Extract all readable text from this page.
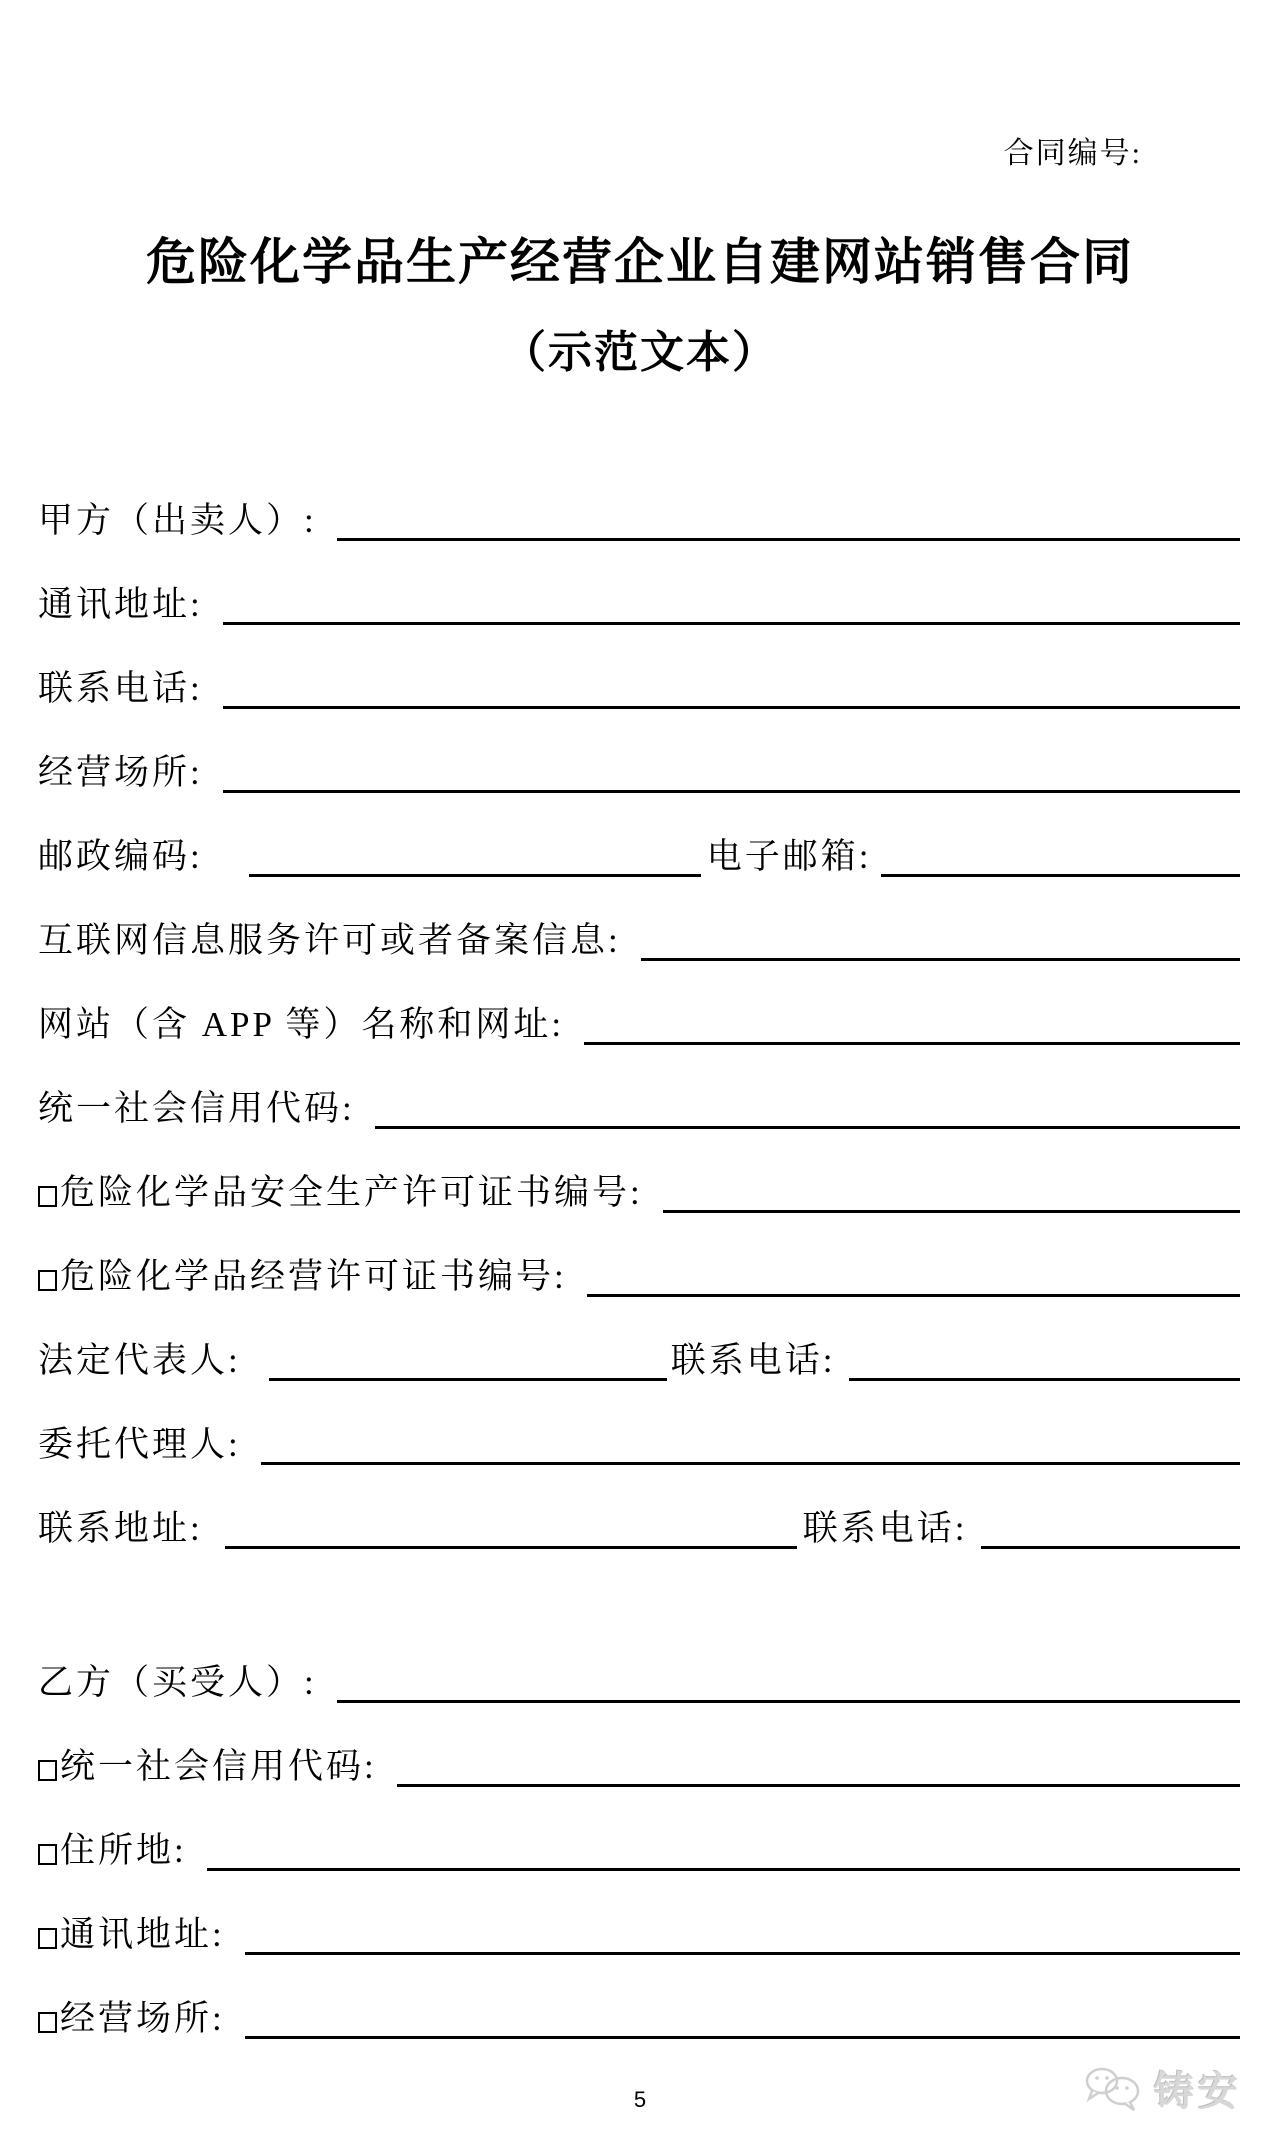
合同编号:
危险化学品生产经营企业自建网站销售合同
（示范文本）
甲方（出卖人）:
通讯地址:
联系电话:
经营场所:
邮政编码:	电子邮箱:
互联网信息服务许可或者备案信息:
网站（含 APP 等）名称和网址:
统一社会信用代码:
危险化学品安全生产许可证书编号:
危险化学品经营许可证书编号:
法定代表人:	联系电话:
委托代理人:
联系地址:	联系电话:
乙方（买受人）:
统一社会信用代码:
住所地:
通讯地址:
经营场所:
5	铸安
